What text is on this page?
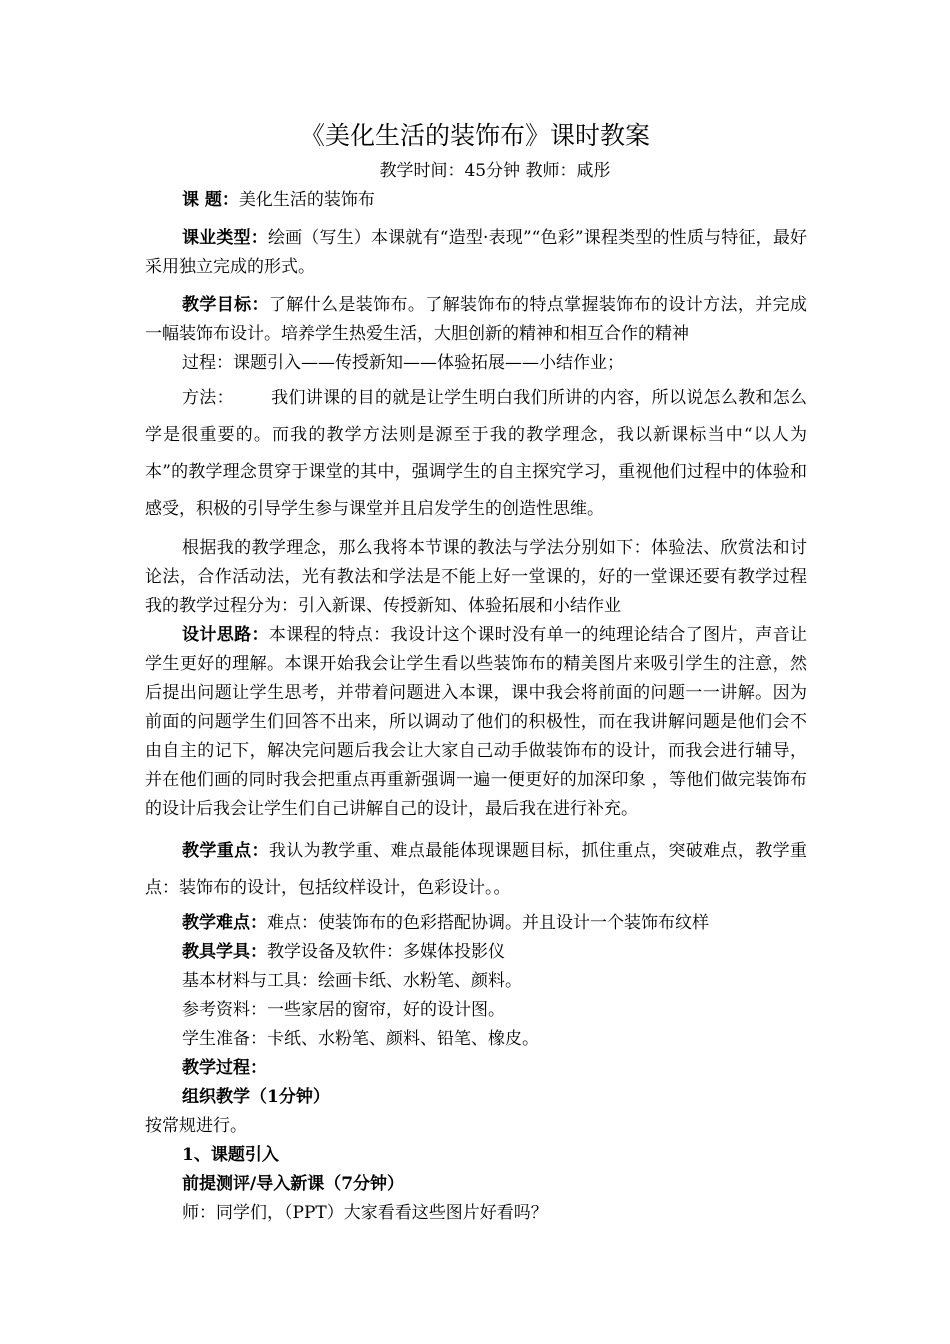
《美化生活的装饰布》课时教案
教学时间：45分钟 教师：咸彤

课 题：美化生活的装饰布

课业类型：绘画（写生）本课就有“造型·表现”“色彩”课程类型的性质与特征，最好采用独立完成的形式。

教学目标：了解什么是装饰布。了解装饰布的特点掌握装饰布的设计方法，并完成一幅装饰布设计。培养学生热爱生活，大胆创新的精神和相互合作的精神

过程：课题引入——传授新知——体验拓展——小结作业；

方法： 我们讲课的目的就是让学生明白我们所讲的内容，所以说怎么教和怎么学是很重要的。而我的教学方法则是源至于我的教学理念，我以新课标当中“以人为本”的教学理念贯穿于课堂的其中，强调学生的自主探究学习，重视他们过程中的体验和感受，积极的引导学生参与课堂并且启发学生的创造性思维。

根据我的教学理念，那么我将本节课的教法与学法分别如下：体验法、欣赏法和讨论法，合作活动法，光有教法和学法是不能上好一堂课的，好的一堂课还要有教学过程我的教学过程分为：引入新课、传授新知、体验拓展和小结作业

设计思路：本课程的特点：我设计这个课时没有单一的纯理论结合了图片，声音让学生更好的理解。本课开始我会让学生看以些装饰布的精美图片来吸引学生的注意，然后提出问题让学生思考，并带着问题进入本课，课中我会将前面的问题一一讲解。因为前面的问题学生们回答不出来，所以调动了他们的积极性，而在我讲解问题是他们会不由自主的记下，解决完问题后我会让大家自己动手做装饰布的设计，而我会进行辅导，并在他们画的同时我会把重点再重新强调一遍一便更好的加深印象 ，等他们做完装饰布的设计后我会让学生们自己讲解自己的设计，最后我在进行补充。

教学重点：我认为教学重、难点最能体现课题目标，抓住重点，突破难点，教学重点：装饰布的设计，包括纹样设计，色彩设计。。

教学难点：难点：使装饰布的色彩搭配协调。并且设计一个装饰布纹样

教具学具：教学设备及软件：多媒体投影仪

基本材料与工具：绘画卡纸、水粉笔、颜料。

参考资料：一些家居的窗帘，好的设计图。

学生准备：卡纸、水粉笔、颜料、铅笔、橡皮。

教学过程：

组织教学（1分钟）

按常规进行。

1、课题引入

前提测评/导入新课（7分钟）

师：同学们，（PPT）大家看看这些图片好看吗？
